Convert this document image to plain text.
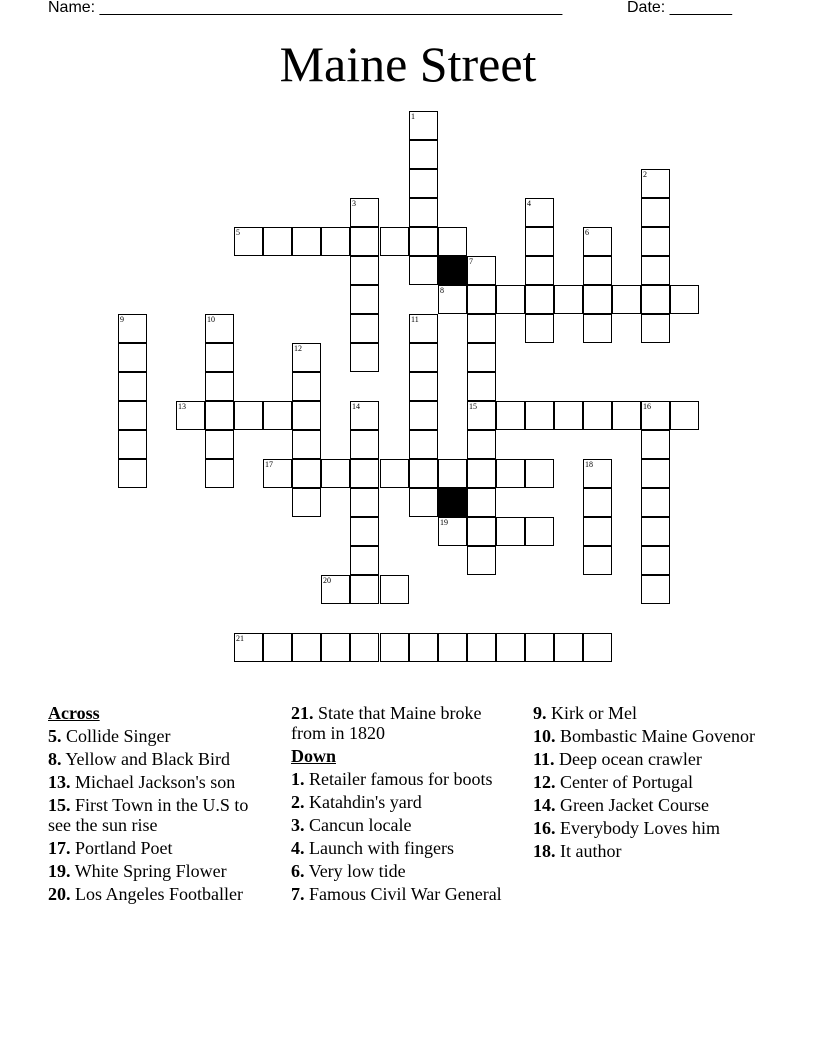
Name: ____________________________________________________	Date: _______
Maine Street
1
2
3	4
5	6
7
8
9	10	11
12
13	14	15	16
17	18
19
20
21
Across
5. Collide Singer
8. Yellow and Black Bird
13. Michael Jackson's son
15. First Town in the U.S to see the sun rise
17. Portland Poet
19. White Spring Flower
20. Los Angeles Footballer
21. State that Maine broke from in 1820
Down
1. Retailer famous for boots
2. Katahdin's yard
3. Cancun locale
4. Launch with fingers
6. Very low tide
7. Famous Civil War General
9. Kirk or Mel
10. Bombastic Maine Govenor
11. Deep ocean crawler
12. Center of Portugal
14. Green Jacket Course
16. Everybody Loves him
18. It author
